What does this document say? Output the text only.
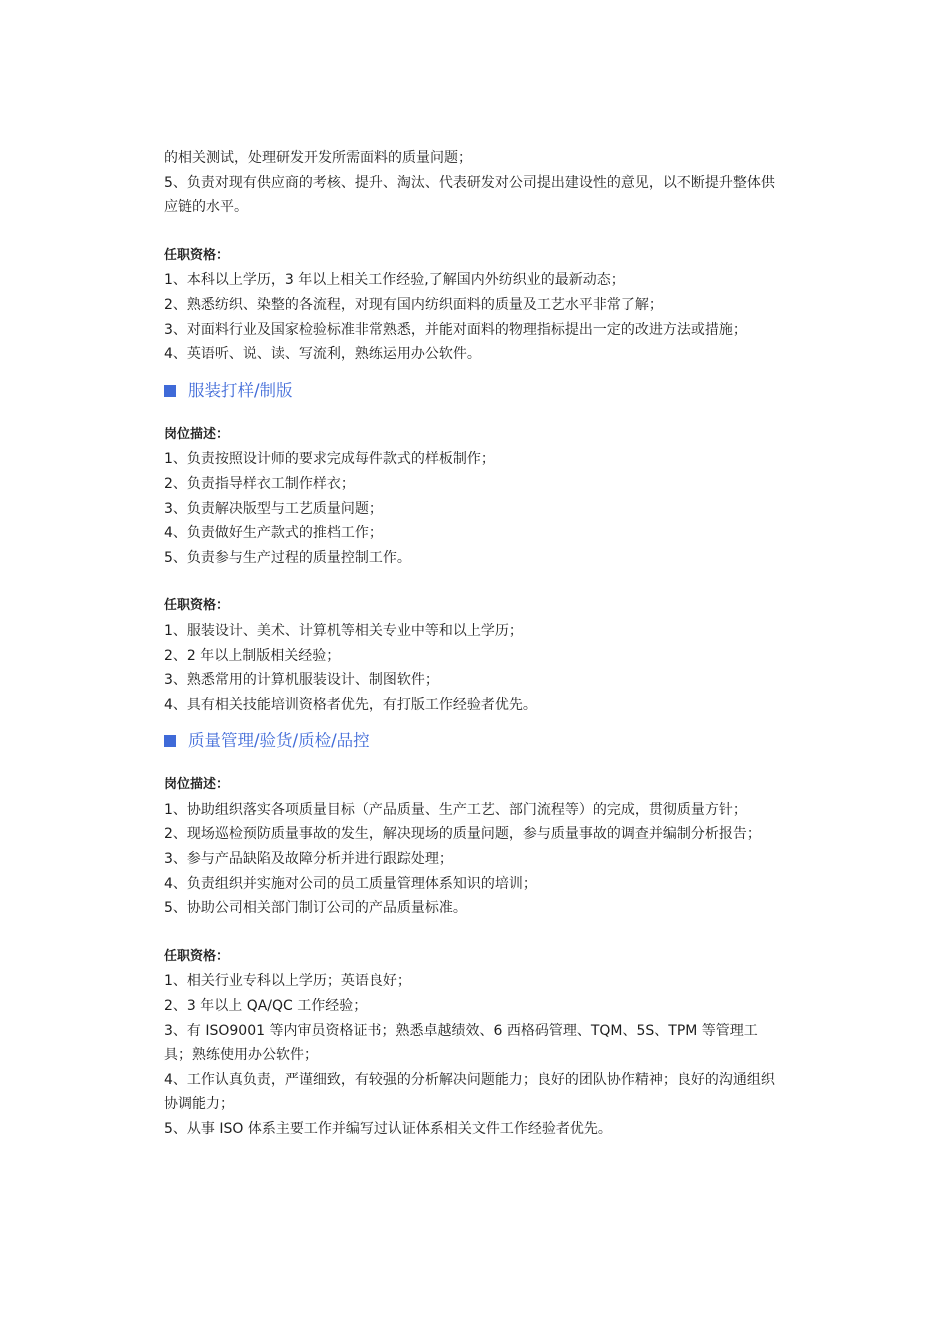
的相关测试，处理研发开发所需面料的质量问题；
5、负责对现有供应商的考核、提升、淘汰、代表研发对公司提出建设性的意见，以不断提升整体供应链的水平。
任职资格：
1、本科以上学历，3 年以上相关工作经验,了解国内外纺织业的最新动态；
2、熟悉纺织、染整的各流程，对现有国内纺织面料的质量及工艺水平非常了解；
3、对面料行业及国家检验标准非常熟悉，并能对面料的物理指标提出一定的改进方法或措施；
4、英语听、说、读、写流利，熟练运用办公软件。
服装打样/制版
岗位描述：
1、负责按照设计师的要求完成每件款式的样板制作；
2、负责指导样衣工制作样衣；
3、负责解决版型与工艺质量问题；
4、负责做好生产款式的推档工作；
5、负责参与生产过程的质量控制工作。
任职资格：
1、服装设计、美术、计算机等相关专业中等和以上学历；
2、2 年以上制版相关经验；
3、熟悉常用的计算机服装设计、制图软件；
4、具有相关技能培训资格者优先，有打版工作经验者优先。
质量管理/验货/质检/品控
岗位描述：
1、协助组织落实各项质量目标（产品质量、生产工艺、部门流程等）的完成，贯彻质量方针；
2、现场巡检预防质量事故的发生，解决现场的质量问题，参与质量事故的调查并编制分析报告；
3、参与产品缺陷及故障分析并进行跟踪处理；
4、负责组织并实施对公司的员工质量管理体系知识的培训；
5、协助公司相关部门制订公司的产品质量标准。
任职资格：
1、相关行业专科以上学历；英语良好；
2、3 年以上 QA/QC 工作经验；
3、有 ISO9001 等内审员资格证书；熟悉卓越绩效、6 西格码管理、TQM、5S、TPM 等管理工具；熟练使用办公软件；
4、工作认真负责，严谨细致，有较强的分析解决问题能力；良好的团队协作精神；良好的沟通组织协调能力；
5、从事 ISO 体系主要工作并编写过认证体系相关文件工作经验者优先。
